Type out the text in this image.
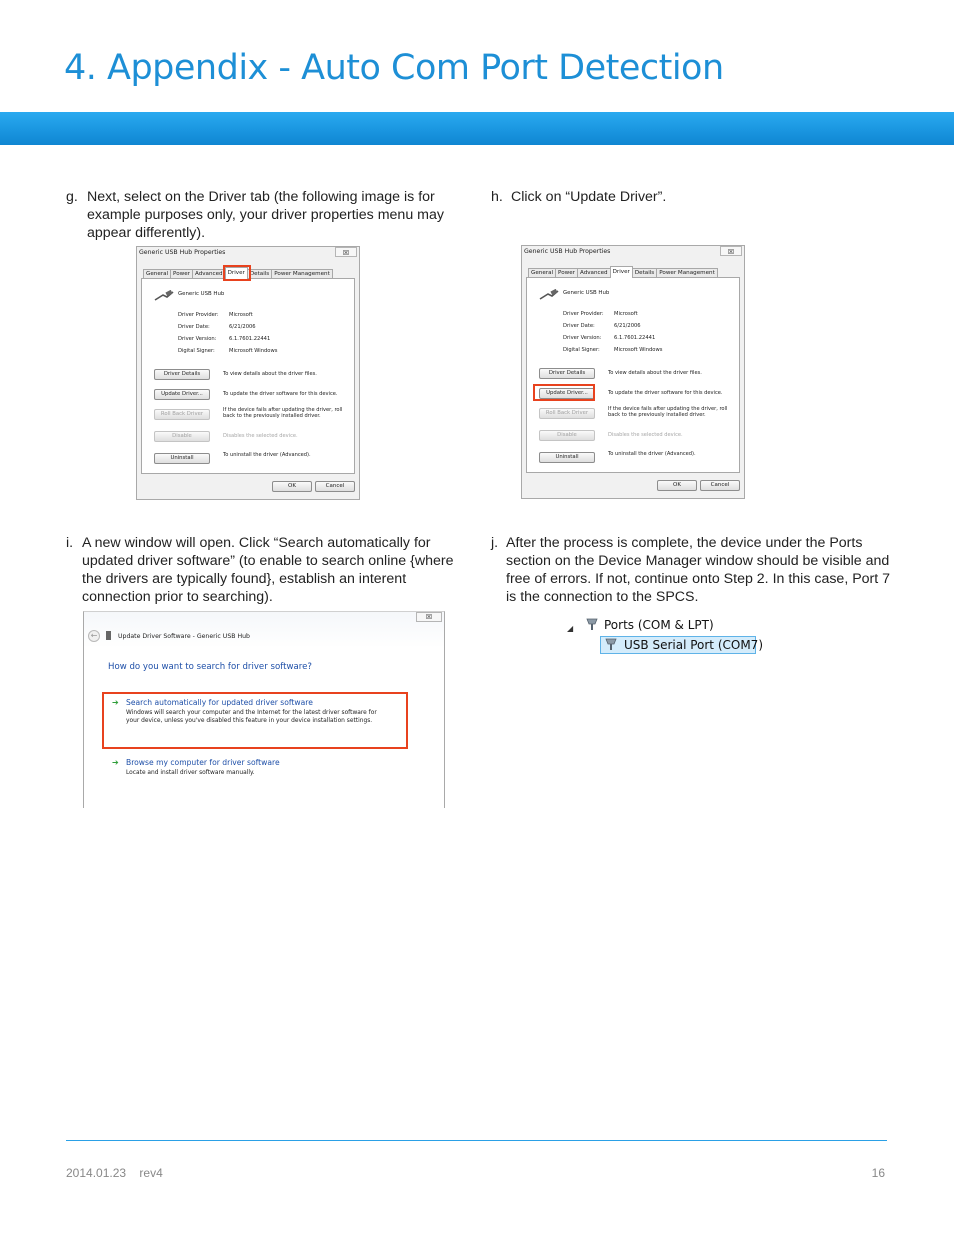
4. Appendix - Auto Com Port Detection
g. Next, select on the Driver tab (the following image is for example purposes only, your driver properties menu may appear differently).
h. Click on “Update Driver”.
i. A new window will open. Click “Search automatically for updated driver software” (to enable to search online {where the drivers are typically found}, establish an interent connection prior to searching).
j. After the process is complete, the device under the Ports section on the Device Manager window should be visible and free of errors. If not, continue onto Step 2. In this case, Port 7 is the connection to the SPCS.
Generic USB Hub Properties	☒
General Power Advanced Driver Details Power Management
Generic USB Hub
Driver Provider: Microsoft
Driver Date:	6/21/2006
Driver Version: 6.1.7601.22441
Digital Signer:	Microsoft Windows
Driver Details	To view details about the driver files.
Update Driver...	To update the driver software for this device.
Roll Back Driver
If the device fails after updating the driver, roll back to the previously installed driver.
Disable	Disables the selected device.
Uninstall	To uninstall the driver (Advanced).
OK	Cancel
Generic USB Hub Properties	☒
General Power Advanced Driver Details Power Management
Generic USB Hub
Driver Provider: Microsoft
Driver Date:	6/21/2006
Driver Version: 6.1.7601.22441
Digital Signer:	Microsoft Windows
Driver Details	To view details about the driver files.
Update Driver...	To update the driver software for this device.
Roll Back Driver
If the device fails after updating the driver, roll back to the previously installed driver.
Disable	Disables the selected device.
Uninstall	To uninstall the driver (Advanced).
OK	Cancel
☒
←	Update Driver Software - Generic USB Hub
How do you want to search for driver software?
➔ Search automatically for updated driver software
Windows will search your computer and the Internet for the latest driver software for your device, unless you've disabled this feature in your device installation settings.
➔ Browse my computer for driver software
Locate and install driver software manually.
◢	Ports (COM & LPT)
USB Serial Port (COM7)
2014.01.23 rev4	16
